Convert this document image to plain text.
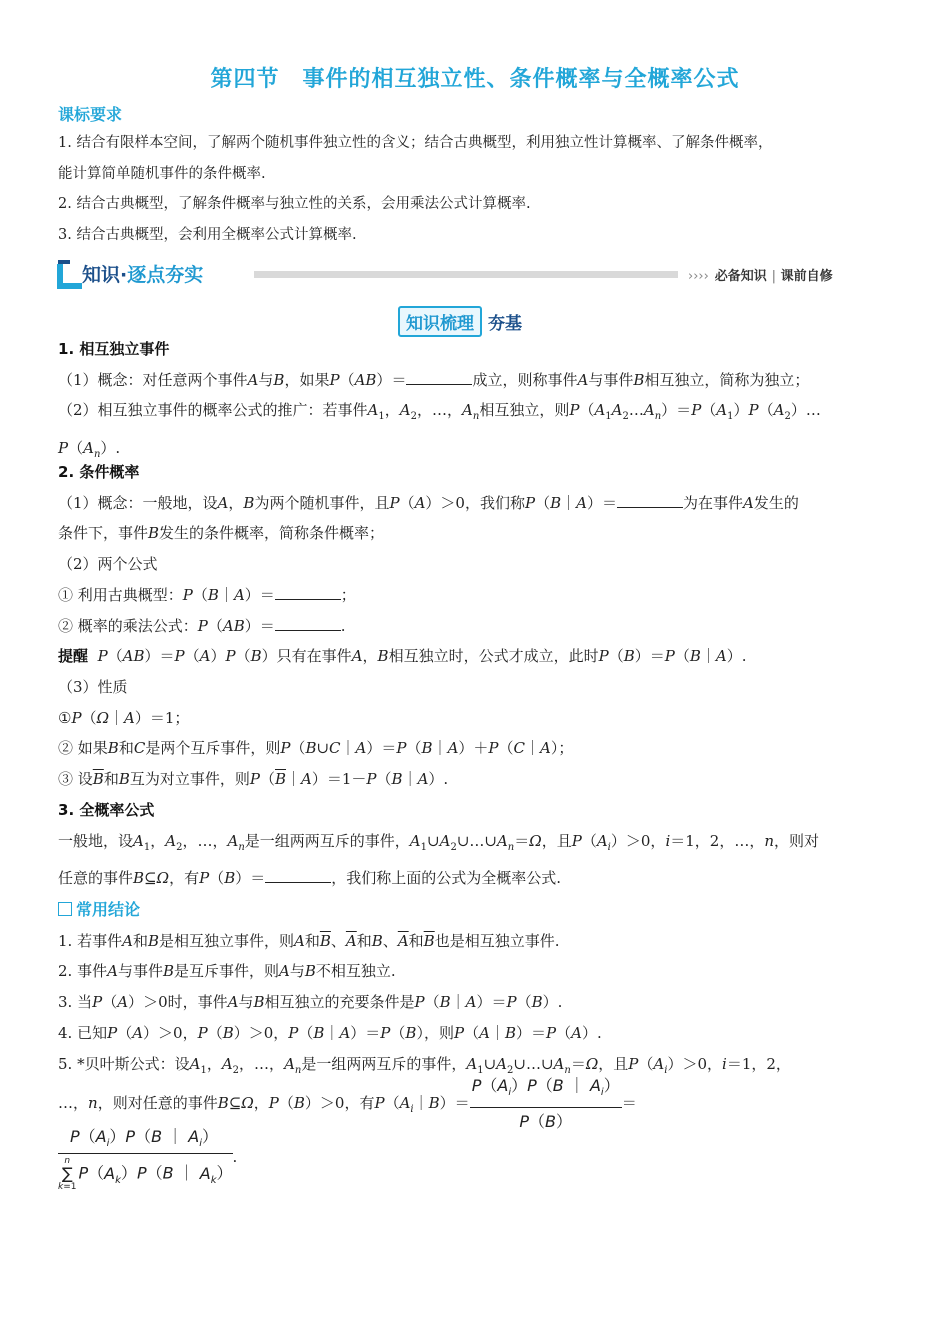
第四节　事件的相互独立性、条件概率与全概率公式
课标要求
1. 结合有限样本空间，了解两个随机事件独立性的含义；结合古典概型，利用独立性计算概率、了解条件概率，
能计算简单随机事件的条件概率.
2. 结合古典概型，了解条件概率与独立性的关系，会用乘法公式计算概率.
3. 结合古典概型，会利用全概率公式计算概率.
知识·逐点夯实	›››› 必备知识 | 课前自修
知识梳理 夯基
1. 相互独立事件
（1）概念：对任意两个事件A与B，如果P（AB）＝	成立，则称事件A与事件B相互独立，简称为独立；
（2）相互独立事件的概率公式的推广：若事件$A_1$，$A_2$，…，$A_n$相互独立，则$P(A_1A_2\dots A_n)=P(A_1)P(A_2)\dots$
$P(A_n)$.
2. 条件概率
（1）概念：一般地，设A，B为两个随机事件，且P（A）＞0，我们称P（B｜A）＝	为在事件A发生的
条件下，事件B发生的条件概率，简称条件概率；
（2）两个公式
① 利用古典概型：P（B｜A）＝	；
② 概率的乘法公式：P（AB）＝	.
提醒 P（AB）＝P（A）P（B）只有在事件A，B相互独立时，公式才成立，此时P（B）＝P（B｜A）.
（3）性质
①P（Ω｜A）＝1；
② 如果B和C是两个互斥事件，则P（B∪C｜A）＝P（B｜A）＋P（C｜A）；
③ 设$\overline{B}$和B互为对立事件，则$P(\overline{B}|A)=1-P(B|A)$.
3. 全概率公式
一般地，设$A_1$，$A_2$，…，$A_n$是一组两两互斥的事件，$A_1\cup A_2\cup\dots\cup A_n=\Omega$，且$P(A_i)>0$，i＝1，2，…，n，则对
任意的事件B⊆Ω，有P（B）＝	，我们称上面的公式为全概率公式.
常用结论
1. 若事件A和B是相互独立事件，则A和$\overline{B}$、$\overline{A}$和B、$\overline{A}$和$\overline{B}$也是相互独立事件.
2. 事件A与事件B是互斥事件，则A与B不相互独立.
3. 当P（A）＞0时，事件A与B相互独立的充要条件是P（B｜A）＝P（B）.
4. 已知P（A）＞0，P（B）＞0，P（B｜A）＝P（B），则P（A｜B）＝P（A）.
5. *贝叶斯公式：设$A_1$，$A_2$，…，$A_n$是一组两两互斥的事件，$A_1\cup A_2\cup\dots\cup A_n=\Omega$，且$P(A_i)>0$，i＝1，2，
…，n，则对任意的事件B⊆Ω，P（B）＞0，有$P(A_i|B)= \frac{P(A_i)P(B | A_i)}{P(B)}$ ＝
$P(A_i)P(B$ ｜ $A_i$）
n
∑
$k=1P(A_k)P(B$ ｜ $A_k$）
.
